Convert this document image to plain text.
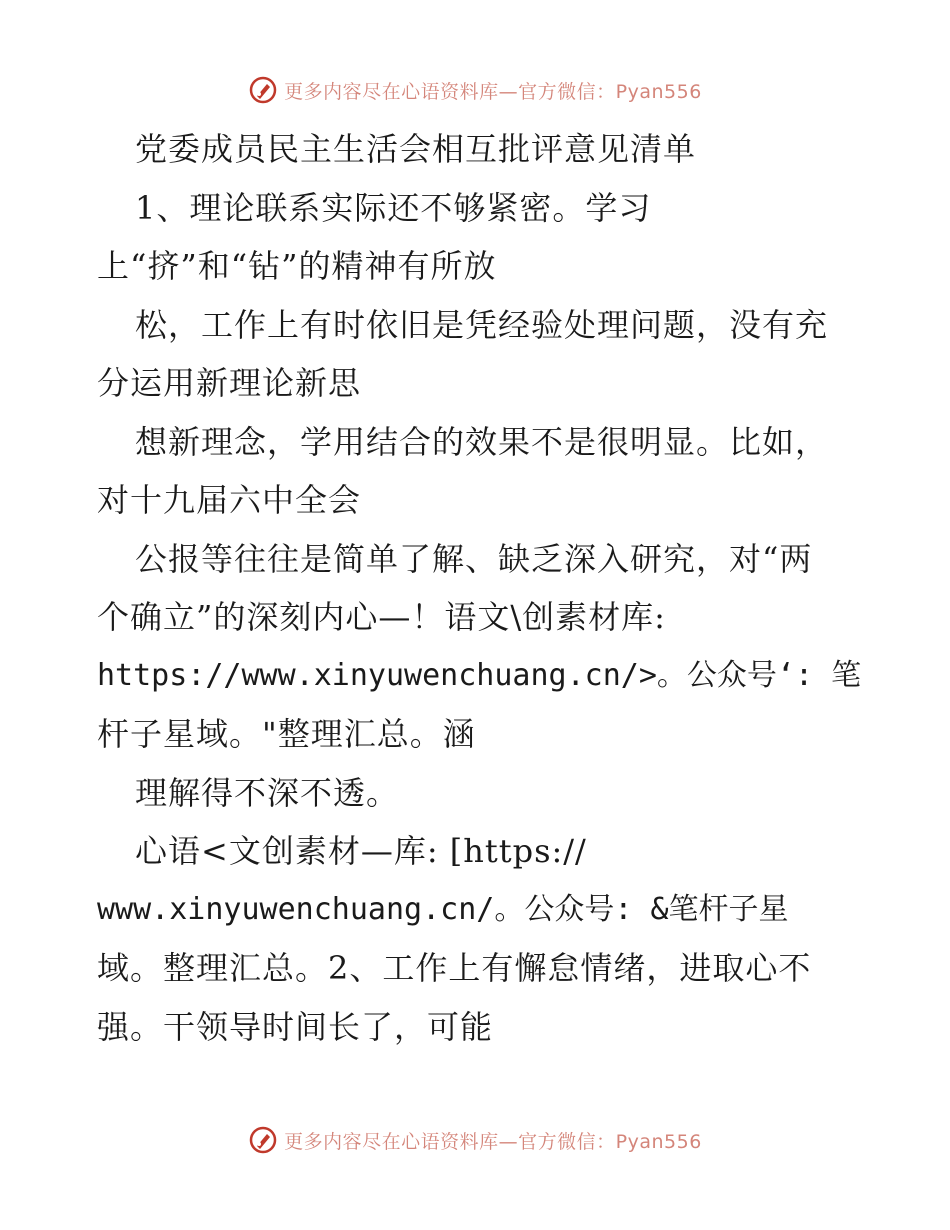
更多内容尽在心语资料库—官方微信：Pyan556
党委成员民主生活会相互批评意见清单
1、理论联系实际还不够紧密。学习
上“挤”和“钻”的精神有所放
松，工作上有时依旧是凭经验处理问题，没有充
分运用新理论新思
想新理念，学用结合的效果不是很明显。比如，
对十九届六中全会
公报等往往是简单了解、缺乏深入研究，对“两
个确立”的深刻内心—！语文\创素材库:
https://www.xinyuwenchuang.cn/>。公众号‘: 笔
杆子星域。"整理汇总。涵
理解得不深不透。
心语<文创素材—库: [https://
www.xinyuwenchuang.cn/。公众号: &笔杆子星
域。整理汇总。2、工作上有懈怠情绪，进取心不
强。干领导时间长了，可能
更多内容尽在心语资料库—官方微信：Pyan556
